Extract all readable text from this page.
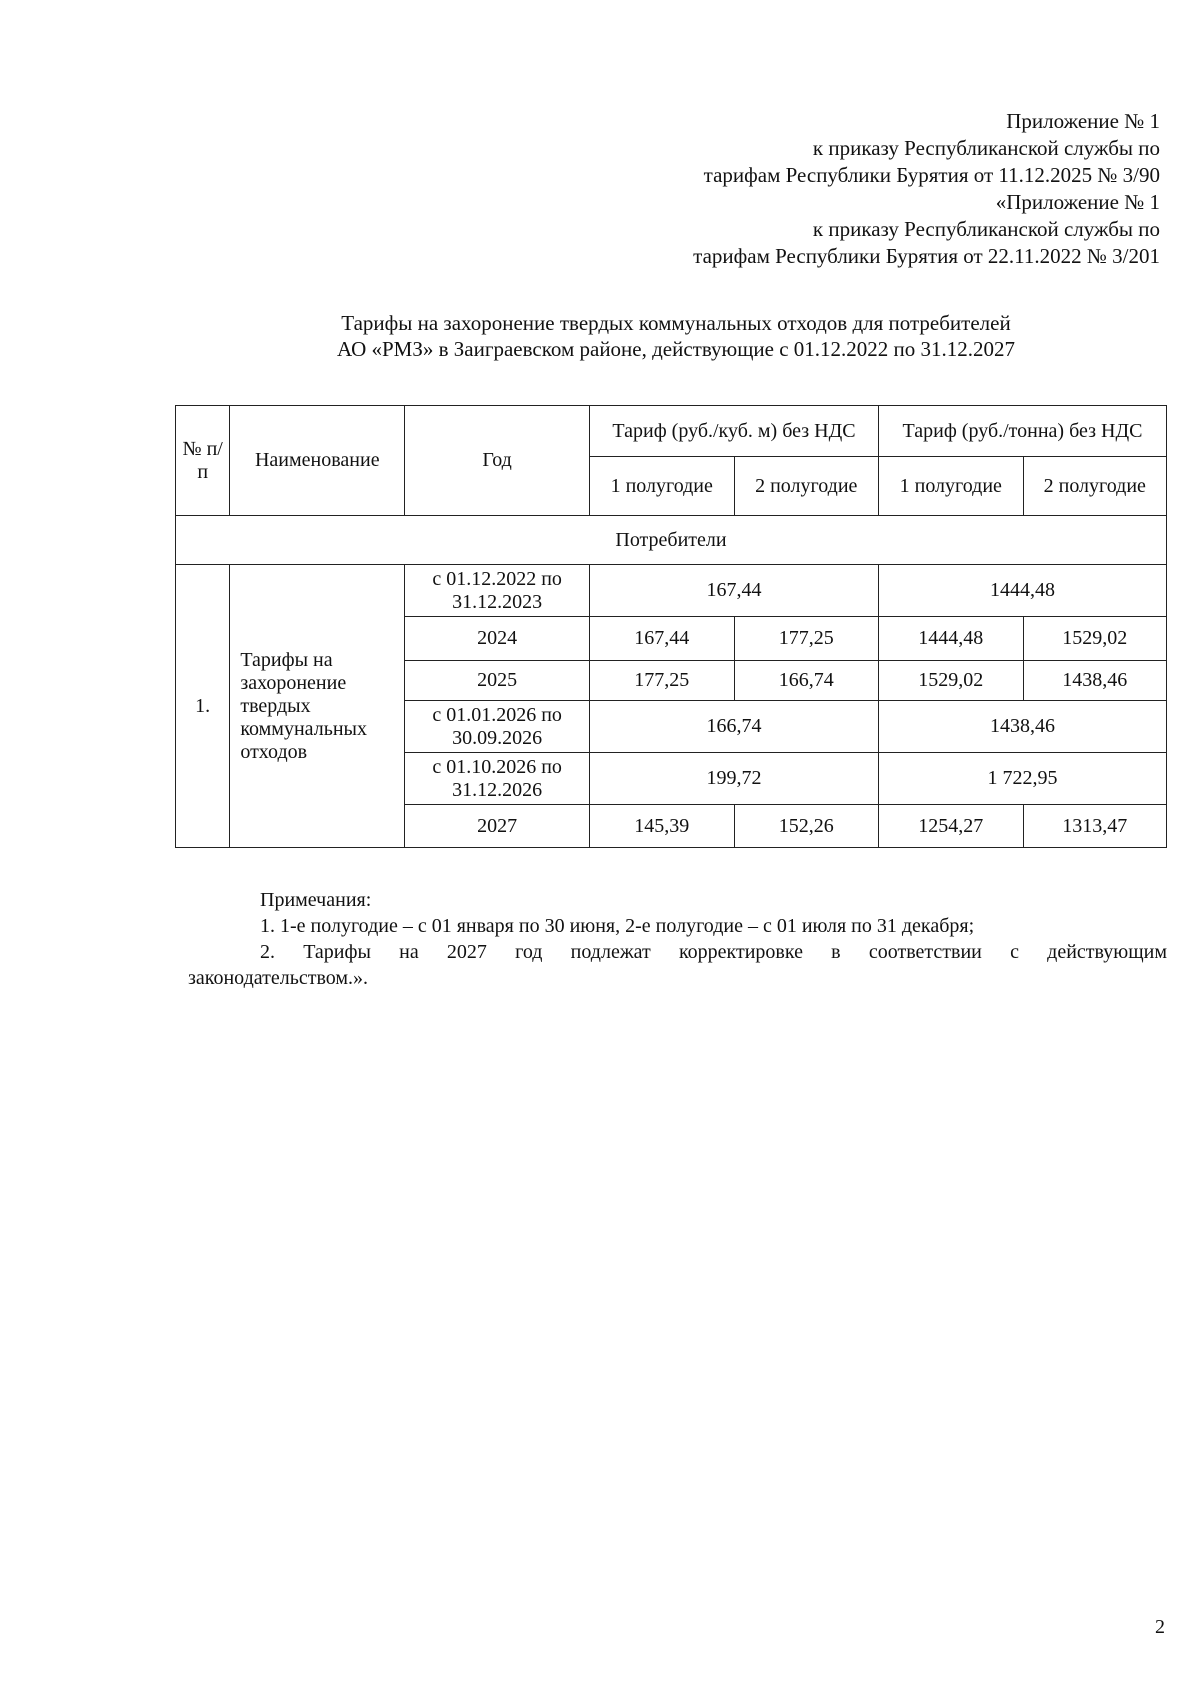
Приложение № 1
к приказу Республиканской службы по
тарифам Республики Бурятия от 11.12.2025 № 3/90
«Приложение № 1
к приказу Республиканской службы по
тарифам Республики Бурятия от 22.11.2022 № 3/201
Тарифы на захоронение твердых коммунальных отходов для потребителей
АО «РМЗ» в Заиграевском районе, действующие с 01.12.2022 по 31.12.2027
№ п/п	Наименование	Год	Тариф (руб./куб. м) без НДС		Тариф (руб./тонна) без НДС	
			1 полугодие	2 полугодие	1 полугодие	2 полугодие
Потребители						
1.	Тарифы на захоронение твердых коммунальных отходов	с 01.12.2022 по 31.12.2023	167,44		1444,48	
		2024	167,44	177,25	1444,48	1529,02
		2025	177,25	166,74	1529,02	1438,46
		с 01.01.2026 по 30.09.2026	166,74		1438,46	
		с 01.10.2026 по 31.12.2026	199,72		1 722,95	
		2027	145,39	152,26	1254,27	1313,47

Примечания:

1. 1-е полугодие – с 01 января по 30 июня, 2-е полугодие – с 01 июля по 31 декабря;

2. Тарифы на 2027 год подлежат корректировке в соответствии с действующим

законодательством.».

2
